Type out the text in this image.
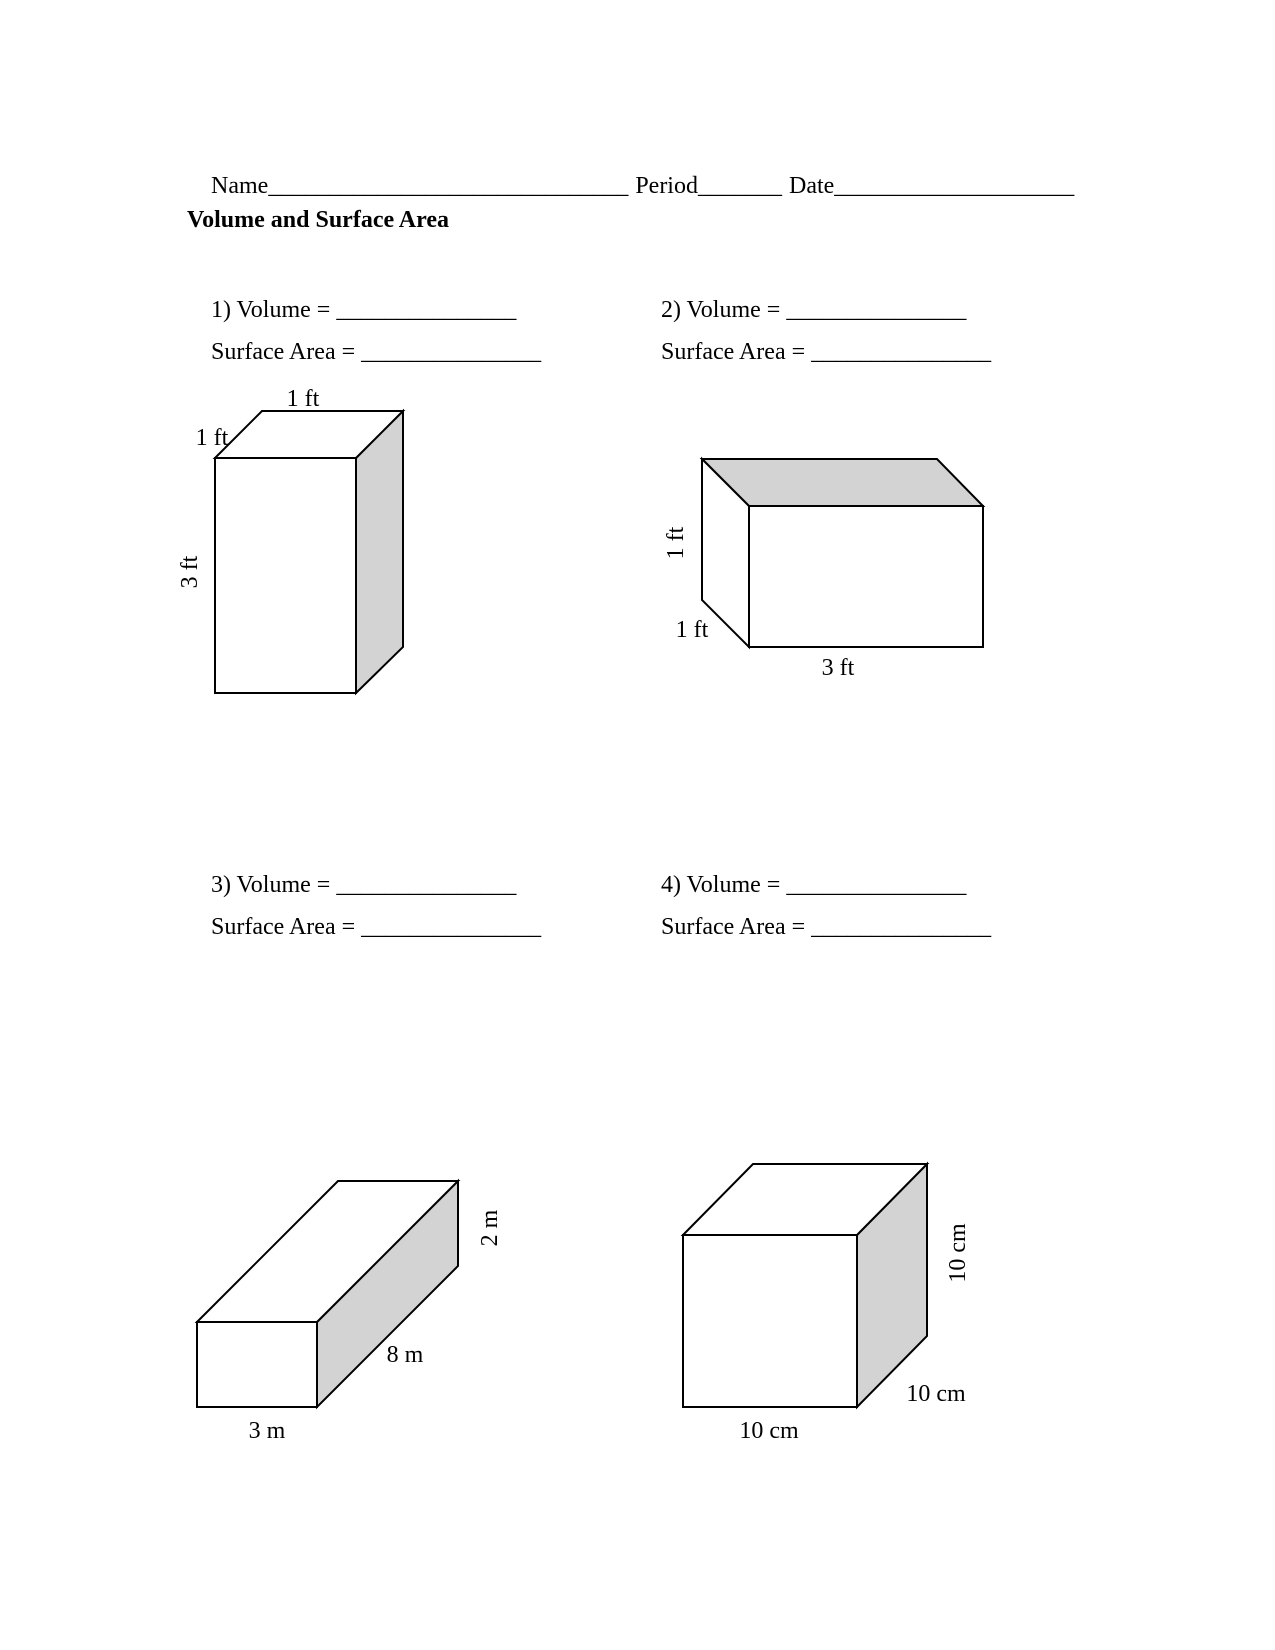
Name______________________________ Period_______ Date____________________

Volume and Surface Area

1) Volume = _______________

Surface Area = _______________

2) Volume = _______________

Surface Area = _______________

3) Volume = _______________

Surface Area = _______________

4) Volume = _______________

Surface Area = _______________

1 ft
1 ft
3 ft
1 ft
1 ft
3 ft
2 m
8 m
3 m
10 cm
10 cm
10 cm
